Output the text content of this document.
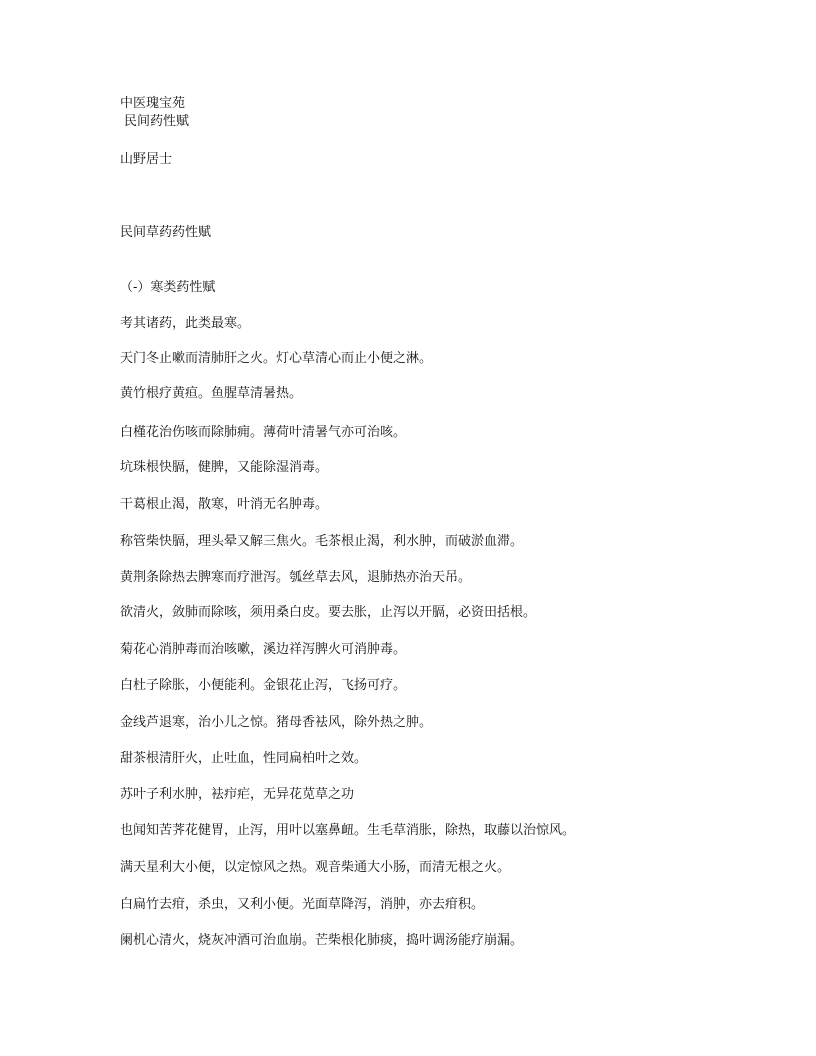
中医瑰宝苑
民间药性赋
山野居士
民间草药药性赋
（-）寒类药性赋
考其诸药，此类最寒。
天门冬止嗽而清肺肝之火。灯心草清心而止小便之淋。
黄竹根疗黄疸。鱼腥草清暑热。
白槿花治伤咳而除肺痈。薄荷叶清暑气亦可治咳。
坑珠根快膈，健脾，又能除湿消毒。
干葛根止渴，散寒，叶消无名肿毒。
称管柴快膈，理头晕又解三焦火。毛茶根止渴，利水肿，而破淤血滞。
黄荆条除热去脾寒而疗泄泻。瓠丝草去风，退肺热亦治天吊。
欲清火，敛肺而除咳，须用桑白皮。要去胀，止泻以开膈，必资田括根。
菊花心消肿毒而治咳嗽，溪边祥泻脾火可消肿毒。
白杜子除胀，小便能利。金银花止泻，飞扬可疗。
金线芦退寒，治小儿之惊。猪母香袪风，除外热之肿。
甜茶根清肝火，止吐血，性同扁柏叶之效。
苏叶子利水肿，袪疖疟，无异花苋草之功
也闻知苦荠花健胃，止泻，用叶以塞鼻衄。生毛草消胀，除热，取藤以治惊风。
满天星利大小便，以定惊风之热。观音柴通大小肠，而清无根之火。
白扁竹去疳，杀虫，又利小便。光面草降泻，消肿，亦去疳积。
阑机心清火，烧灰冲酒可治血崩。芒柴根化肺痰，捣叶调汤能疗崩漏。
